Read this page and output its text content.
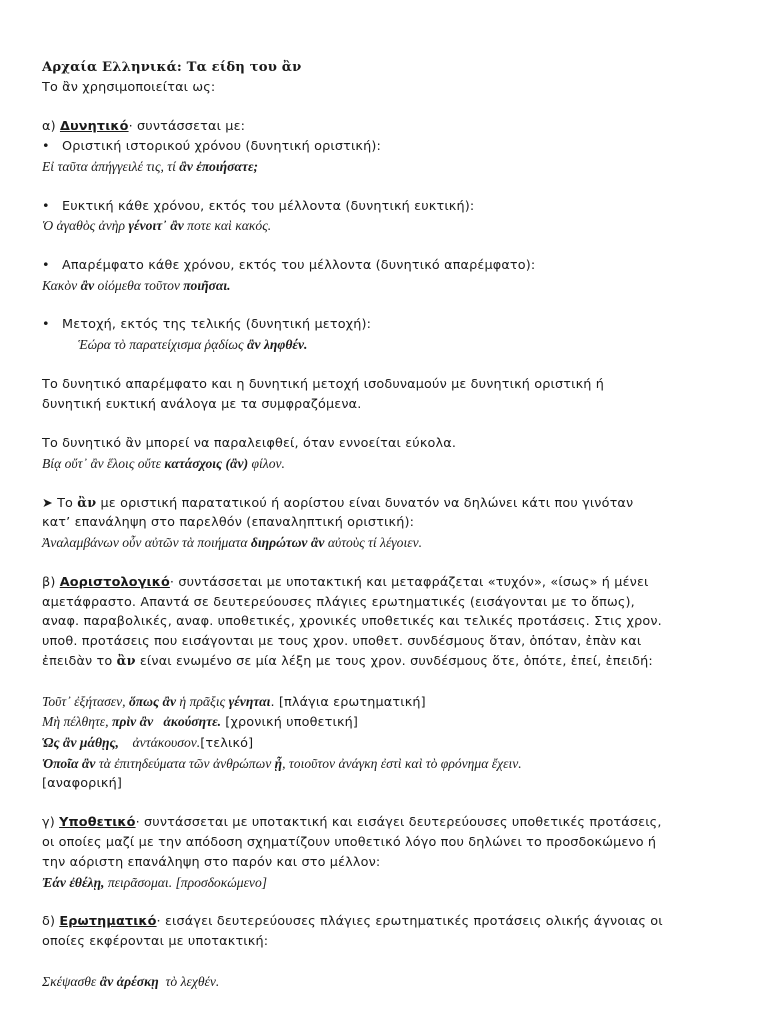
Αρχαία Ελληνικά: Τα είδη του ἂν
Το ἂν χρησιμοποιείται ως:
α) Δυνητικό· συντάσσεται με:
• Οριστική ιστορικού χρόνου (δυνητική οριστική):
Εἰ ταῦτα ἀπήγγειλέ τις, τί ἂν ἐποιήσατε;
• Ευκτική κάθε χρόνου, εκτός του μέλλοντα (δυνητική ευκτική):
Ὁ ἀγαθὸς ἀνὴρ γένοιτ᾽ ἂν ποτε καὶ κακός.
• Απαρέμφατο κάθε χρόνου, εκτός του μέλλοντα (δυνητικό απαρέμφατο):
Κακὸν ἂν οἰόμεθα τοῦτον ποιῆσαι.
• Μετοχή, εκτός της τελικής (δυνητική μετοχή):
Ἑώρα τὸ παρατείχισμα ῥᾳδίως ἂν ληφθέν.
Το δυνητικό απαρέμφατο και η δυνητική μετοχή ισοδυναμούν με δυνητική οριστική ή
δυνητική ευκτική ανάλογα με τα συμφραζόμενα.
Το δυνητικό ἂν μπορεί να παραλειφθεί, όταν εννοείται εύκολα.
Βίᾳ οὔτ᾽ ἂν ἕλοις οὔτε κατάσχοις (ἂν) φίλον.
➤ Το ἂν με οριστική παρατατικού ή αορίστου είναι δυνατόν να δηλώνει κάτι που γινόταν
κατ’ επανάληψη στο παρελθόν (επαναληπτική οριστική):
Ἀναλαμβάνων οὖν αὐτῶν τὰ ποιήματα διηρώτων ἂν αὐτοὺς τί λέγοιεν.
β) Αοριστολογικό· συντάσσεται με υποτακτική και μεταφράζεται «τυχόν», «ίσως» ή μένει
αμετάφραστο. Απαντά σε δευτερεύουσες πλάγιες ερωτηματικές (εισάγονται με το ὅπως),
αναφ. παραβολικές, αναφ. υποθετικές, χρονικές υποθετικές και τελικές προτάσεις. Στις χρον.
υποθ. προτάσεις που εισάγονται με τους χρον. υποθετ. συνδέσμους ὅταν, ὁπόταν, ἐπὰν και
ἐπειδὰν το ἂν είναι ενωμένο σε μία λέξη με τους χρον. συνδέσμους ὅτε, ὁπότε, ἐπεί, ἐπειδή:
Τοῦτ᾽ ἐξήτασεν, ὅπως ἂν ἡ πρᾶξις γένηται. [πλάγια ερωτηματική]
Μὴ πέλθητε, πρὶν ἂν ἀκούσητε. [χρονική υποθετική]
Ὡς ἂν μάθῃς,    ἀντάκουσον.[τελικό]
Ὁποῖα ἂν τὰ ἐπιτηδεύματα τῶν ἀνθρώπων ᾖ, τοιοῦτον ἀνάγκη ἐστὶ καὶ τὸ φρόνημα ἔχειν.
[αναφορική]
γ) Υποθετικό· συντάσσεται με υποτακτική και εισάγει δευτερεύουσες υποθετικές προτάσεις,
οι οποίες μαζί με την απόδοση σχηματίζουν υποθετικό λόγο που δηλώνει το προσδοκώμενο ή
την αόριστη επανάληψη στο παρόν και στο μέλλον:
Ἐάν ἐθέλῃ, πειρᾶσομαι. [προσδοκώμενο]
δ) Ερωτηματικό· εισάγει δευτερεύουσες πλάγιες ερωτηματικές προτάσεις ολικής άγνοιας οι
οποίες εκφέρονται με υποτακτική:
Σκέψασθε ἂν ἀρέσκῃ  τὸ λεχθέν.
